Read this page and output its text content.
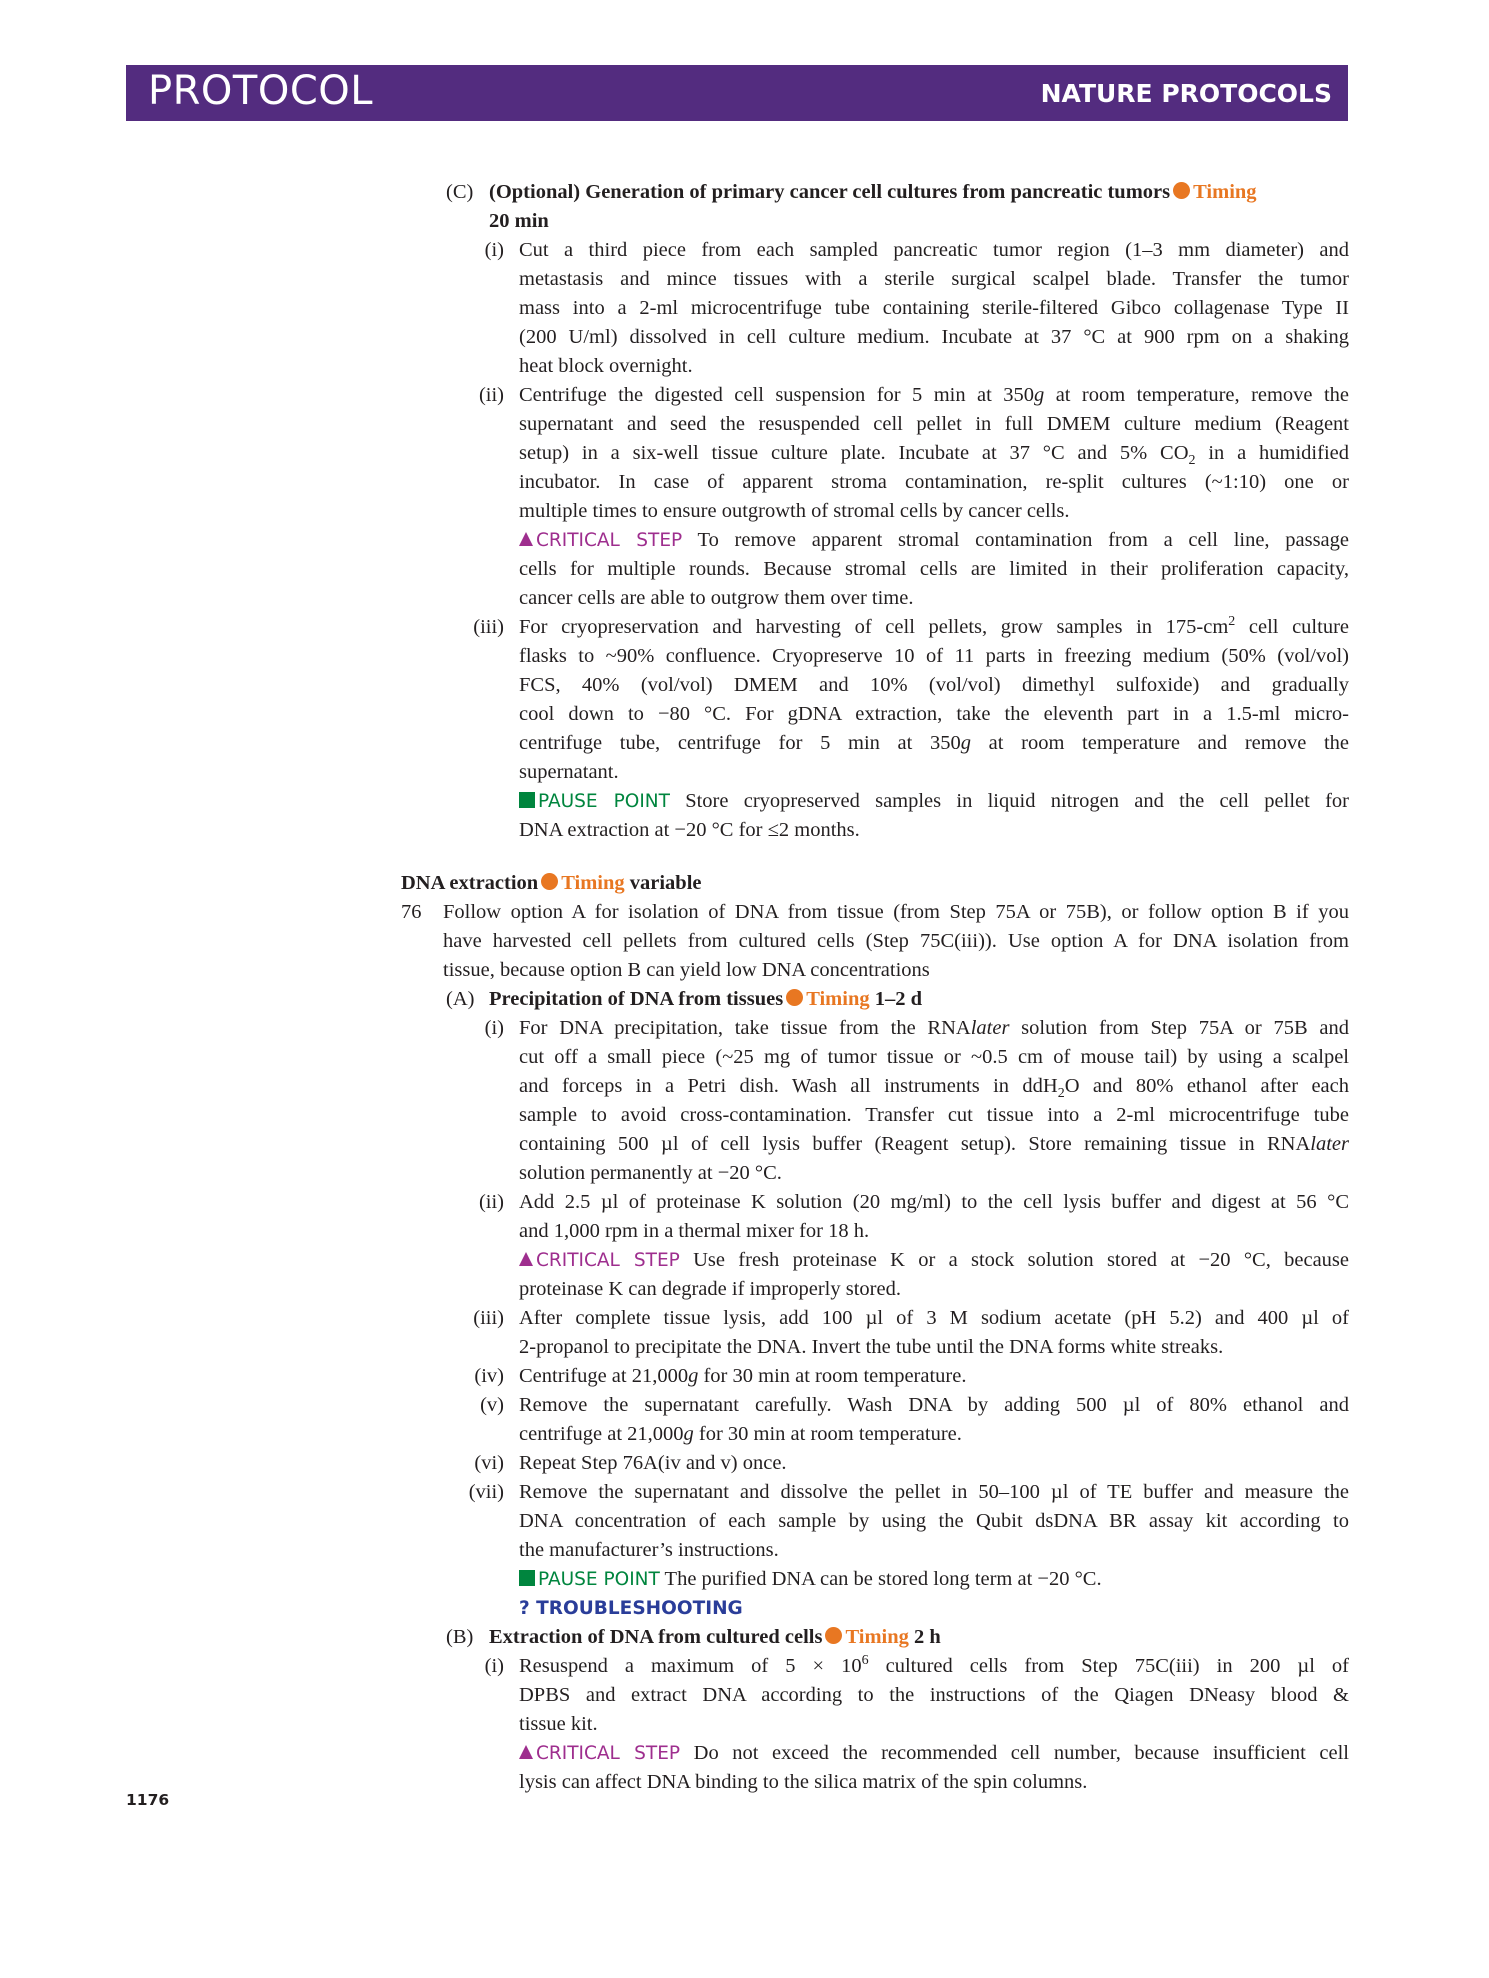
PROTOCOL	NATURE PROTOCOLS
(C) (Optional) Generation of primary cancer cell cultures from pancreatic tumors Timing
20 min
(i) Cut a third piece from each sampled pancreatic tumor region (1–3 mm diameter) and
metastasis and mince tissues with a sterile surgical scalpel blade. Transfer the tumor
mass into a 2-ml microcentrifuge tube containing sterile-filtered Gibco collagenase Type II
(200 U/ml) dissolved in cell culture medium. Incubate at 37 °C at 900 rpm on a shaking
heat block overnight.
(ii) Centrifuge the digested cell suspension for 5 min at 350g at room temperature, remove the
supernatant and seed the resuspended cell pellet in full DMEM culture medium (Reagent
setup) in a six-well tissue culture plate. Incubate at 37 °C and 5% $CO_2$ in a humidified
incubator. In case of apparent stroma contamination, re-split cultures (~1:10) one or
multiple times to ensure outgrowth of stromal cells by cancer cells.
CRITICAL STEP To remove apparent stromal contamination from a cell line, passage
cells for multiple rounds. Because stromal cells are limited in their proliferation capacity,
cancer cells are able to outgrow them over time.
(iii) For cryopreservation and harvesting of cell pellets, grow samples in $175-cm^2$ cell culture
flasks to ~90% confluence. Cryopreserve 10 of 11 parts in freezing medium (50% (vol/vol)
FCS, 40% (vol/vol) DMEM and 10% (vol/vol) dimethyl sulfoxide) and gradually
cool down to −80 °C. For gDNA extraction, take the eleventh part in a 1.5-ml micro-
centrifuge tube, centrifuge for 5 min at 350g at room temperature and remove the
supernatant.
PAUSE POINT Store cryopreserved samples in liquid nitrogen and the cell pellet for
DNA extraction at −20 °C for ≤2 months.
DNA extraction Timing variable
76 Follow option A for isolation of DNA from tissue (from Step 75A or 75B), or follow option B if you
have harvested cell pellets from cultured cells (Step 75C(iii)). Use option A for DNA isolation from
tissue, because option B can yield low DNA concentrations
(A) Precipitation of DNA from tissues Timing 1–2 d
(i) For DNA precipitation, take tissue from the RNAlater solution from Step 75A or 75B and
cut off a small piece (~25 mg of tumor tissue or ~0.5 cm of mouse tail) by using a scalpel
and forceps in a Petri dish. Wash all instruments in ddH$_2$O and 80% ethanol after each
sample to avoid cross-contamination. Transfer cut tissue into a 2-ml microcentrifuge tube
containing 500 µl of cell lysis buffer (Reagent setup). Store remaining tissue in RNAlater
solution permanently at −20 °C.
(ii) Add 2.5 µl of proteinase K solution (20 mg/ml) to the cell lysis buffer and digest at 56 °C
and 1,000 rpm in a thermal mixer for 18 h.
CRITICAL STEP Use fresh proteinase K or a stock solution stored at −20 °C, because
proteinase K can degrade if improperly stored.
(iii) After complete tissue lysis, add 100 µl of 3 M sodium acetate (pH 5.2) and 400 µl of
2-propanol to precipitate the DNA. Invert the tube until the DNA forms white streaks.
(iv) Centrifuge at 21,000g for 30 min at room temperature.
(v) Remove the supernatant carefully. Wash DNA by adding 500 µl of 80% ethanol and
centrifuge at 21,000g for 30 min at room temperature.
(vi) Repeat Step 76A(iv and v) once.
(vii) Remove the supernatant and dissolve the pellet in 50–100 µl of TE buffer and measure the
DNA concentration of each sample by using the Qubit dsDNA BR assay kit according to
the manufacturer’s instructions.
PAUSE POINT The purified DNA can be stored long term at −20 °C.
? TROUBLESHOOTING
(B) Extraction of DNA from cultured cells Timing 2 h
(i) Resuspend a maximum of $5 \times 10^6$ cultured cells from Step 75C(iii) in 200 µl of
DPBS and extract DNA according to the instructions of the Qiagen DNeasy blood &
tissue kit.
CRITICAL STEP Do not exceed the recommended cell number, because insufficient cell
lysis can affect DNA binding to the silica matrix of the spin columns.
1176
